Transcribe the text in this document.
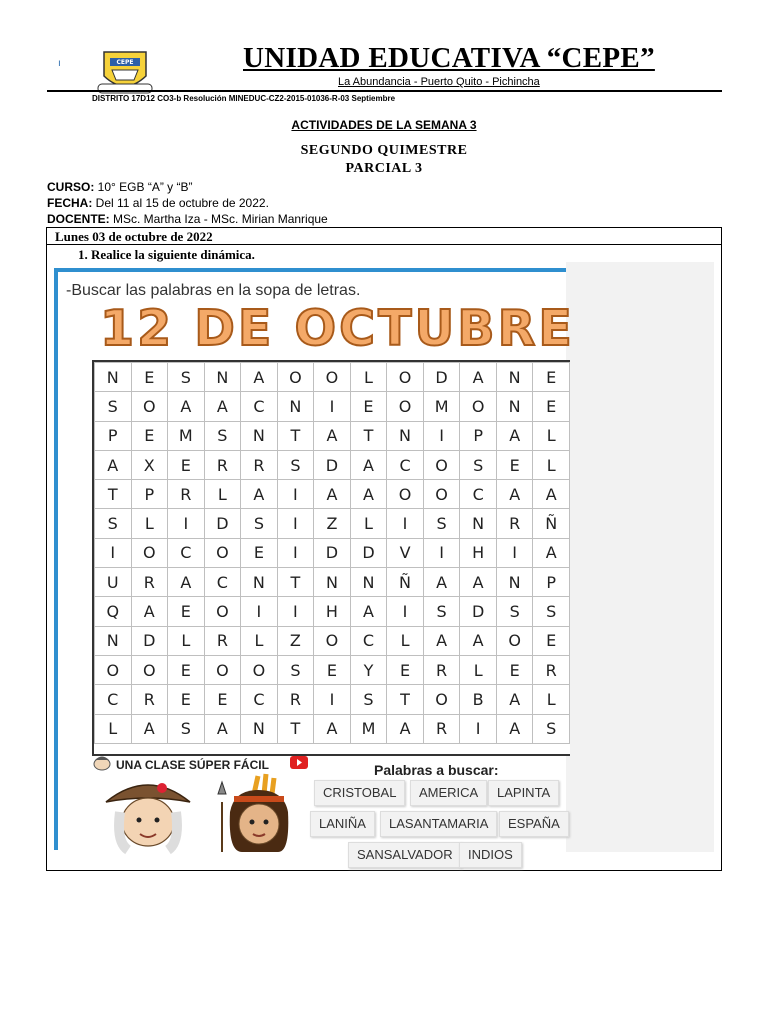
ı	CEPE	UNIDAD EDUCATIVA “CEPE”
La Abundancia - Puerto Quito - Pichincha
DISTRITO 17D12 CO3-b Resolución MINEDUC-CZ2-2015-01036-R-03 Septiembre
ACTIVIDADES DE LA SEMANA 3
SEGUNDO QUIMESTRE
PARCIAL 3
CURSO: 10° EGB “A” y “B”
FECHA: Del 11 al 15 de octubre de 2022.
DOCENTE: MSc. Martha Iza - MSc. Mirian Manrique
Lunes 03 de octubre de 2022
1. Realice la siguiente dinámica.
-Buscar las palabras en la sopa de letras.
12 DE OCTUBRE
N	E	S	N	A	O	O	L	O	D	A	N	E
S	O	A	A	C	N	I	E	O	M	O	N	E
P	E	M	S	N	T	A	T	N	I	P	A	L
A	X	E	R	R	S	D	A	C	O	S	E	L
T	P	R	L	A	I	A	A	O	O	C	A	A
S	L	I	D	S	I	Z	L	I	S	N	R	Ñ
I	O	C	O	E	I	D	D	V	I	H	I	A
U	R	A	C	N	T	N	N	Ñ	A	A	N	P
Q	A	E	O	I	I	H	A	I	S	D	S	S
N	D	L	R	L	Z	O	C	L	A	A	O	E
O	O	E	O	O	S	E	Y	E	R	L	E	R
C	R	E	E	C	R	I	S	T	O	B	A	L
L	A	S	A	N	T	A	M	A	R	I	A	S
UNA CLASE SÚPER FÁCIL	Palabras a buscar:
CRISTOBAL	AMERICA	LAPINTA
LANIÑA	LASANTAMARIA	ESPAÑA
SANSALVADOR	INDIOS
